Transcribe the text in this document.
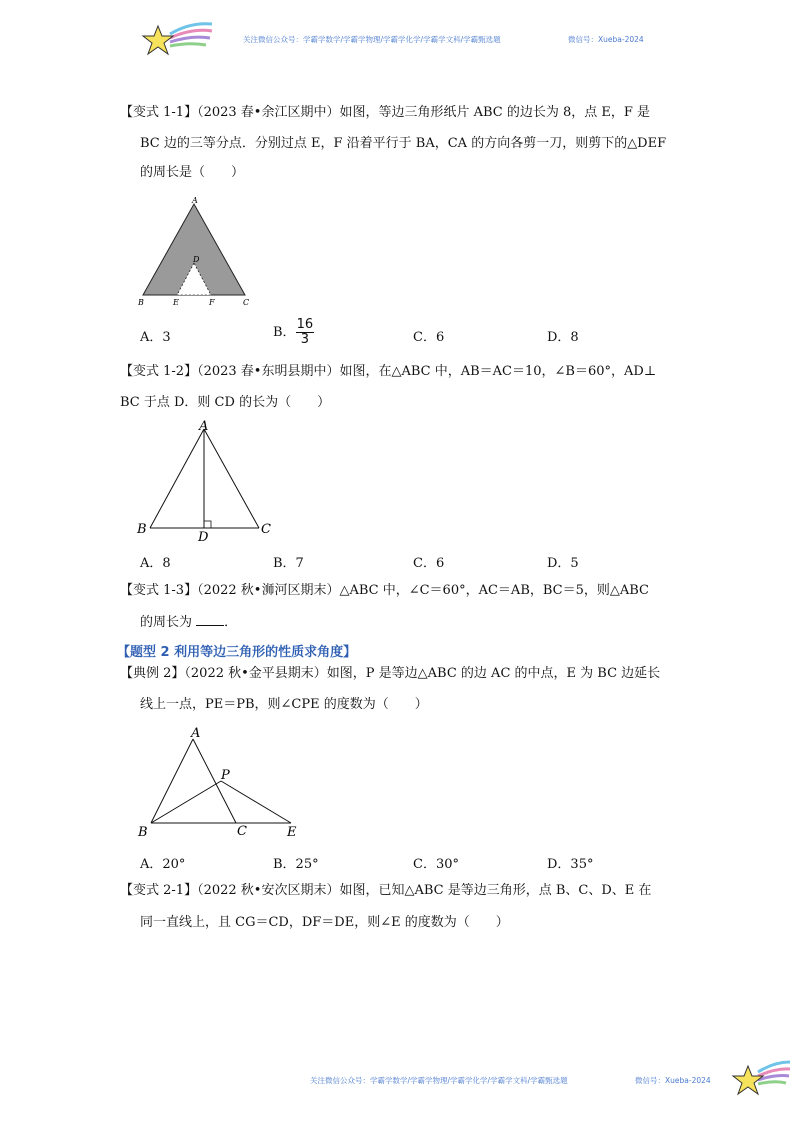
关注微信公众号：学霸学数学/学霸学物理/学霸学化学/学霸学文科/学霸甄选题	微信号：Xueba-2024
【变式 1-1】（2023 春•余江区期中）如图，等边三角形纸片 ABC 的边长为 8，点 E，F 是
BC 边的三等分点．分别过点 E，F 沿着平行于 BA，CA 的方向各剪一刀，则剪下的△DEF
的周长是（　　）
A
D
B	E	F	C
A．3	B． $\frac{16}{3}$	C．6	D．8
【变式 1-2】（2023 春•东明县期中）如图，在△ABC 中，AB＝AC＝10，∠B＝60°，AD⊥
BC 于点 D．则 CD 的长为（　　）
A
B	C
D
A．8	B．7	C．6	D．5
【变式 1-3】（2022 秋•浉河区期末）△ABC 中，∠C＝60°，AC＝AB，BC＝5，则△ABC
的周长为 ．
【题型 2 利用等边三角形的性质求角度】
【典例 2】（2022 秋•金平县期末）如图，P 是等边△ABC 的边 AC 的中点，E 为 BC 边延长
线上一点，PE＝PB，则∠CPE 的度数为（　　）
A
P
B	C	E
A．20°	B．25°	C．30°	D．35°
【变式 2-1】（2022 秋•安次区期末）如图，已知△ABC 是等边三角形，点 B、C、D、E 在
同一直线上，且 CG＝CD，DF＝DE，则∠E 的度数为（　　）
关注微信公众号：学霸学数学/学霸学物理/学霸学化学/学霸学文科/学霸甄选题	微信号：Xueba-2024
